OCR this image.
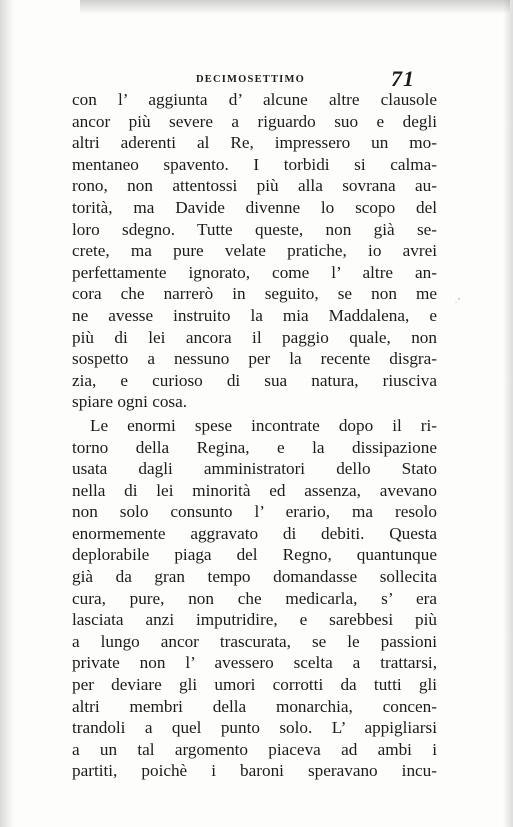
DECIMOSETTIMO	71
con l’ aggiunta d’ alcune altre clausole
ancor più severe a riguardo suo e degli
altri aderenti al Re, impressero un mo-
mentaneo spavento. I torbidi si calma-
rono, non attentossi più alla sovrana au-
torità, ma Davide divenne lo scopo del
loro sdegno. Tutte queste, non già se-
crete, ma pure velate pratiche, io avrei
perfettamente ignorato, come l’ altre an-
cora che narrerò in seguito, se non me
ne avesse instruito la mia Maddalena, e
più di lei ancora il paggio quale, non
sospetto a nessuno per la recente disgra-
zia, e curioso di sua natura, riusciva
spiare ogni cosa.
Le enormi spese incontrate dopo il ri-
torno della Regina, e la dissipazione
usata dagli amministratori dello Stato
nella di lei minorità ed assenza, avevano
non solo consunto l’ erario, ma resolo
enormemente aggravato di debiti. Questa
deplorabile piaga del Regno, quantunque
già da gran tempo domandasse sollecita
cura, pure, non che medicarla, s’ era
lasciata anzi imputridire, e sarebbesi più
a lungo ancor trascurata, se le passioni
private non l’ avessero scelta a trattarsi,
per deviare gli umori corrotti da tutti gli
altri membri della monarchia, concen-
trandoli a quel punto solo. L’ appigliarsi
a un tal argomento piaceva ad ambi i
partiti, poichè i baroni speravano incu-
